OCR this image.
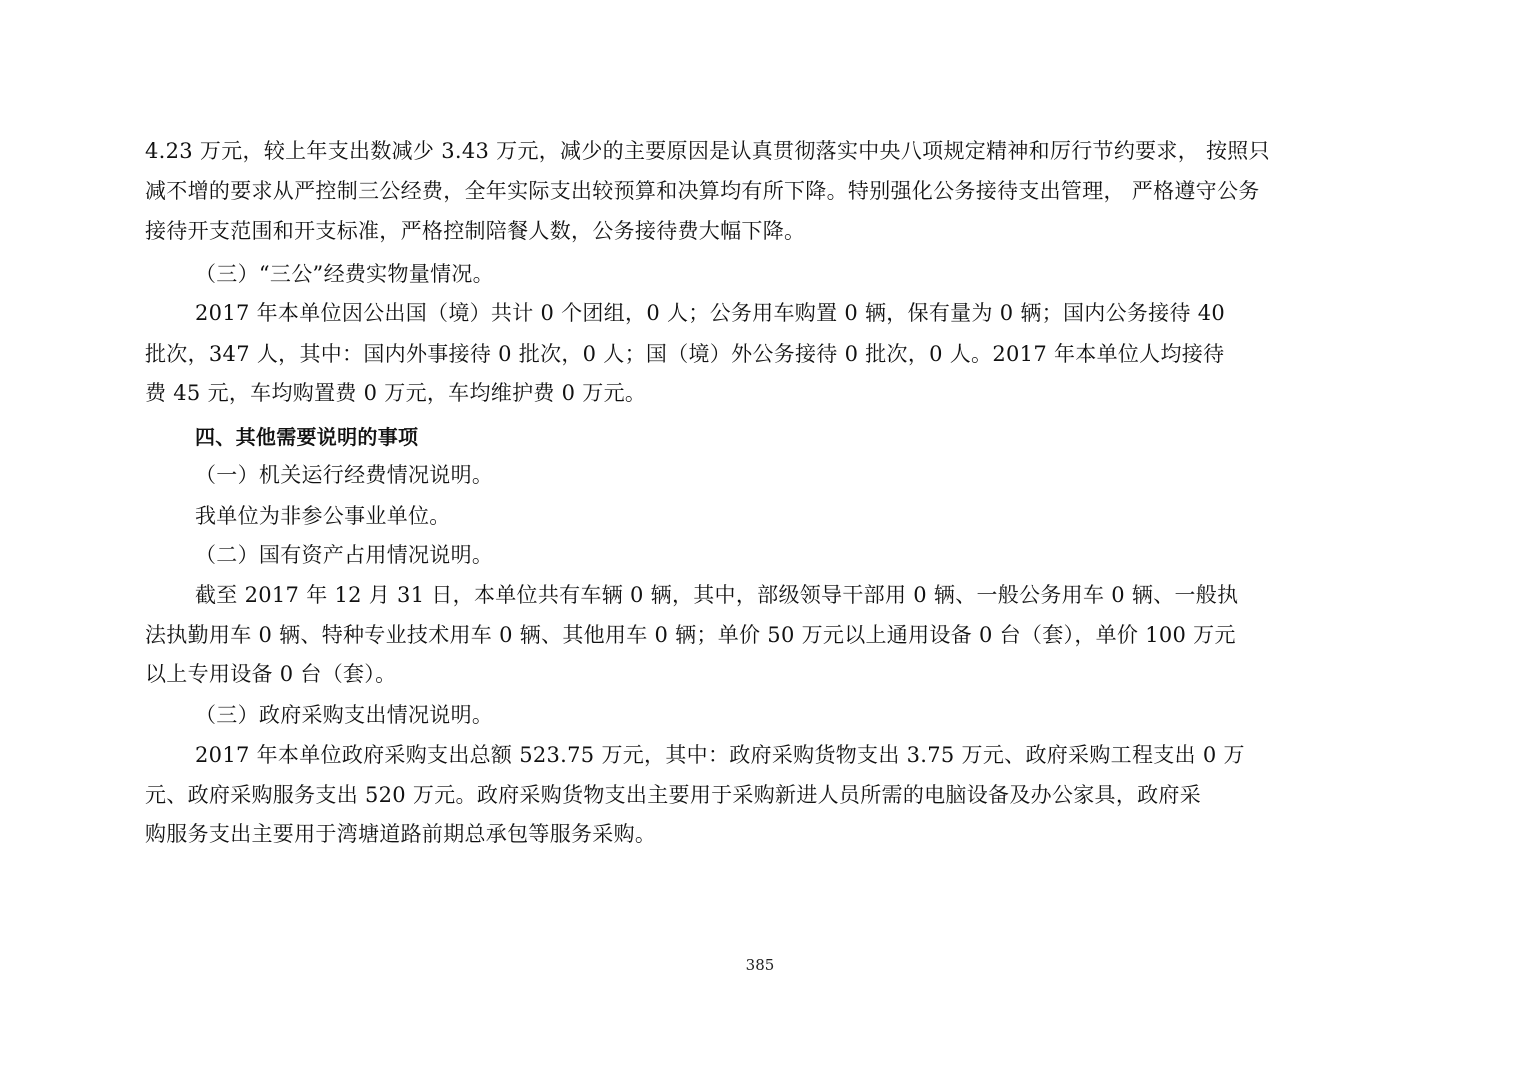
4.23 万元，较上年支出数减少 3.43 万元，减少的主要原因是认真贯彻落实中央八项规定精神和厉行节约要求， 按照只
减不增的要求从严控制三公经费，全年实际支出较预算和决算均有所下降。特别强化公务接待支出管理， 严格遵守公务
接待开支范围和开支标准，严格控制陪餐人数，公务接待费大幅下降。
（三）“三公”经费实物量情况。
2017 年本单位因公出国（境）共计 0 个团组，0 人；公务用车购置 0 辆，保有量为 0 辆；国内公务接待 40
批次，347 人，其中：国内外事接待 0 批次，0 人；国（境）外公务接待 0 批次，0 人。2017 年本单位人均接待
费 45 元，车均购置费 0 万元，车均维护费 0 万元。
四、其他需要说明的事项
（一）机关运行经费情况说明。
我单位为非参公事业单位。
（二）国有资产占用情况说明。
截至 2017 年 12 月 31 日，本单位共有车辆 0 辆，其中，部级领导干部用 0 辆、一般公务用车 0 辆、一般执
法执勤用车 0 辆、特种专业技术用车 0 辆、其他用车 0 辆；单价 50 万元以上通用设备 0 台（套），单价 100 万元
以上专用设备 0 台（套）。
（三）政府采购支出情况说明。
2017 年本单位政府采购支出总额 523.75 万元，其中：政府采购货物支出 3.75 万元、政府采购工程支出 0 万
元、政府采购服务支出 520 万元。政府采购货物支出主要用于采购新进人员所需的电脑设备及办公家具，政府采
购服务支出主要用于湾塘道路前期总承包等服务采购。
385
